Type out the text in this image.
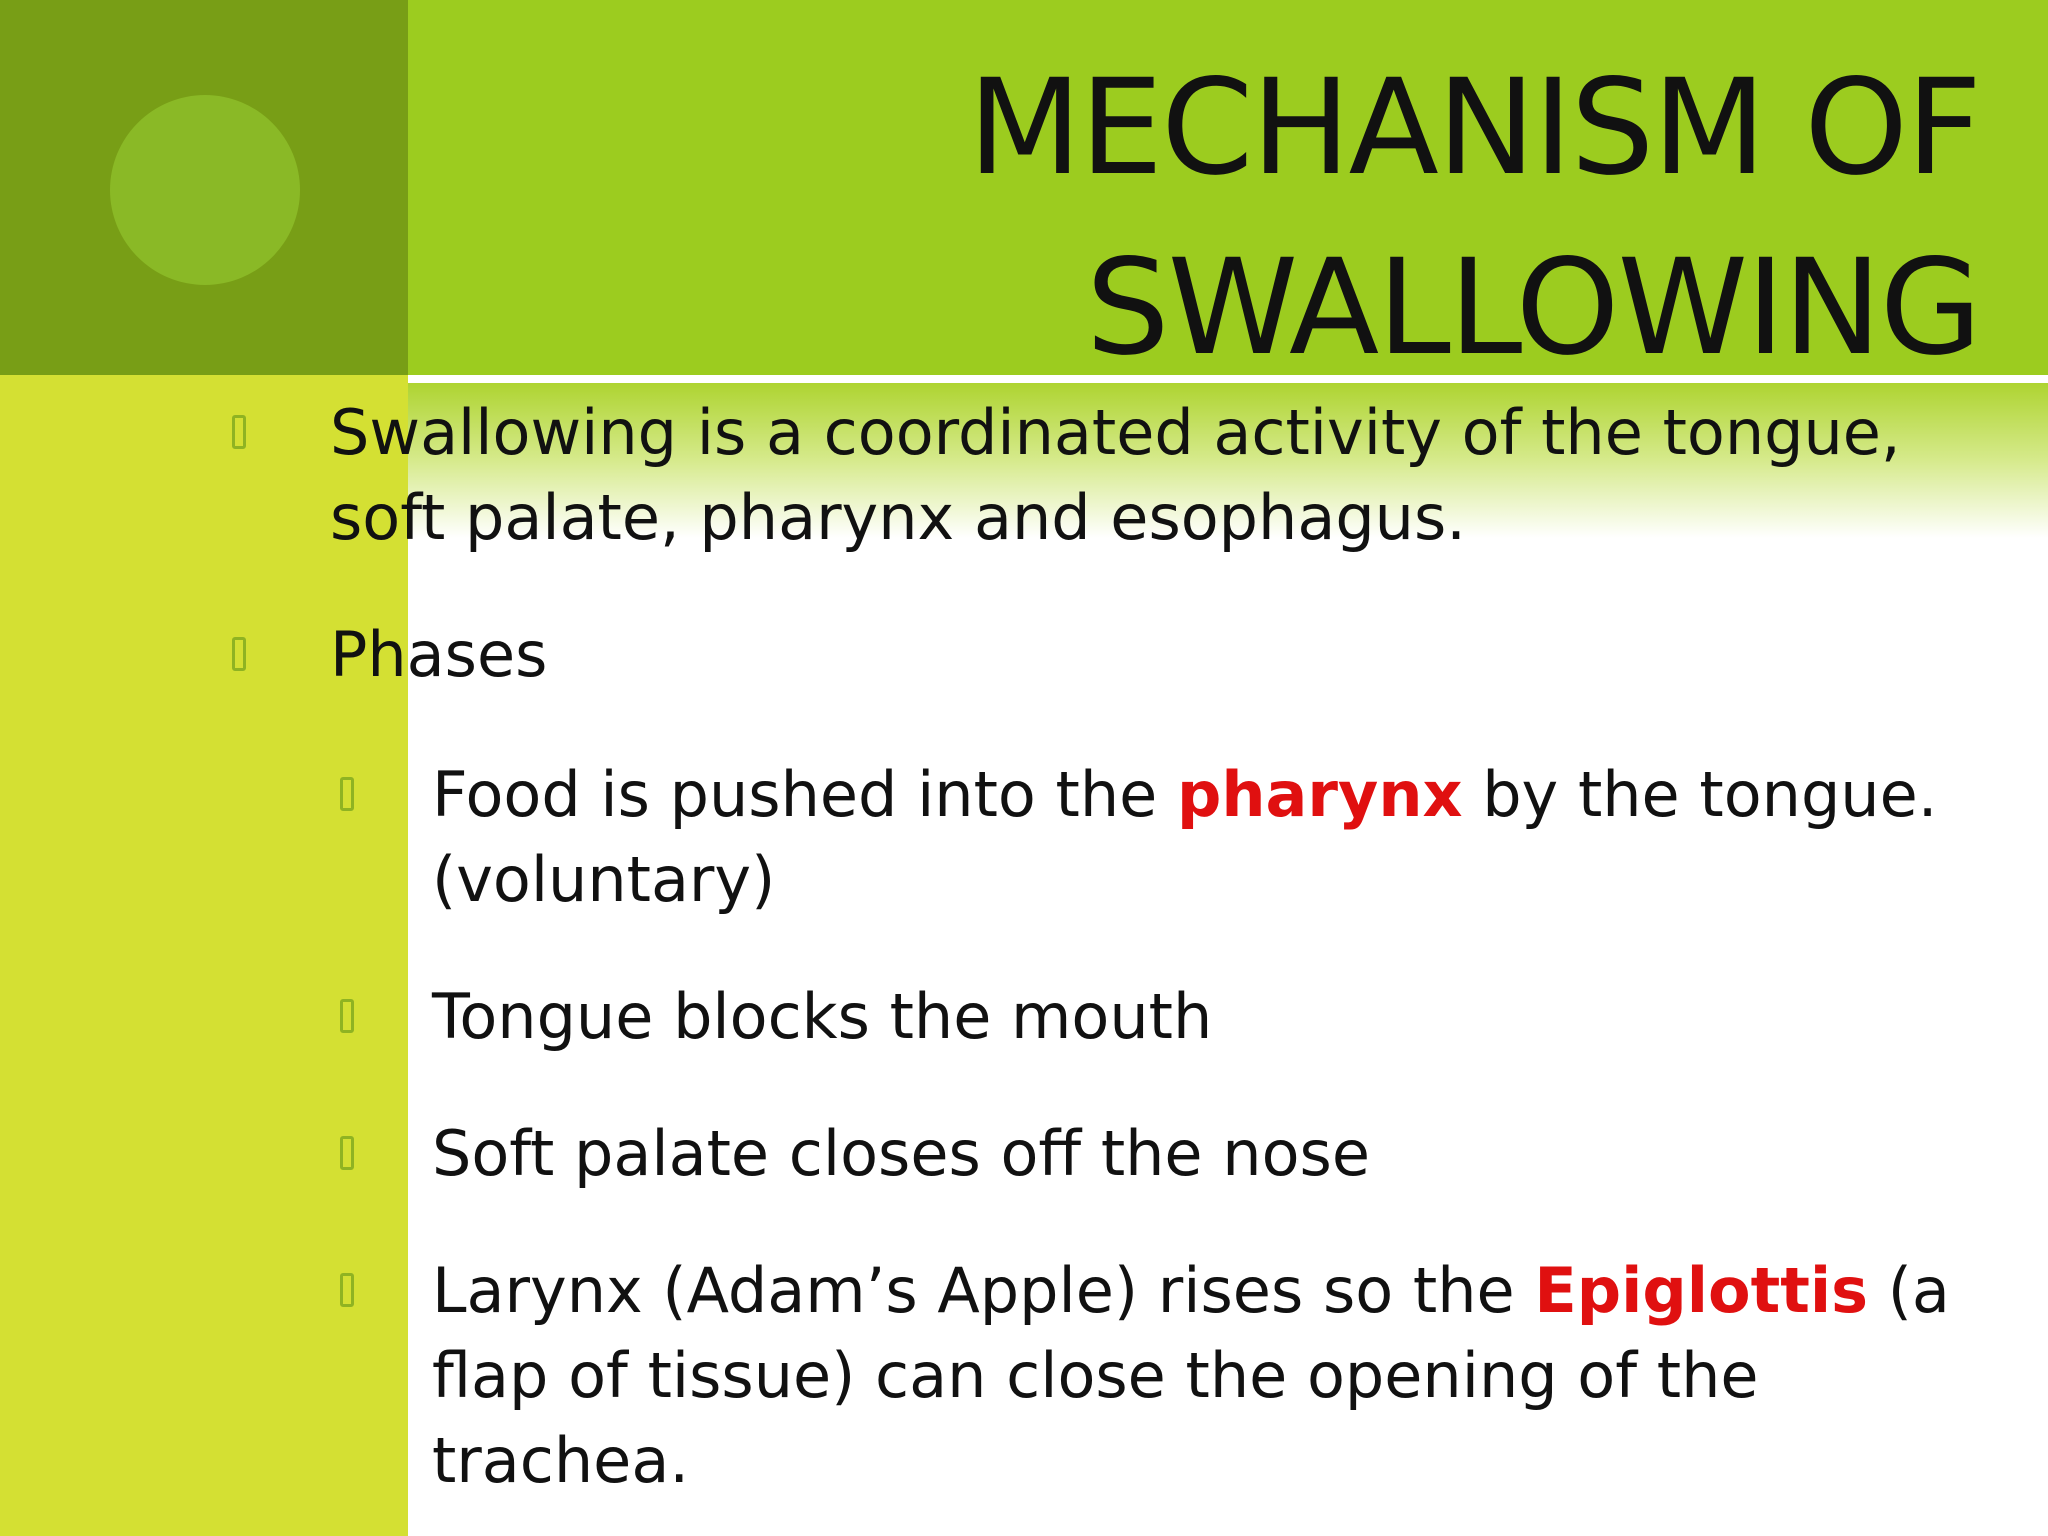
MECHANISM OF
SWALLOWING
Swallowing is a coordinated activity of the tongue, soft palate, pharynx and esophagus.
Phases
Food is pushed into the pharynx by the tongue. (voluntary)
Tongue blocks the mouth
Soft palate closes off the nose
Larynx (Adam’s Apple) rises so the Epiglottis (a flap of tissue) can close the opening of the trachea.
